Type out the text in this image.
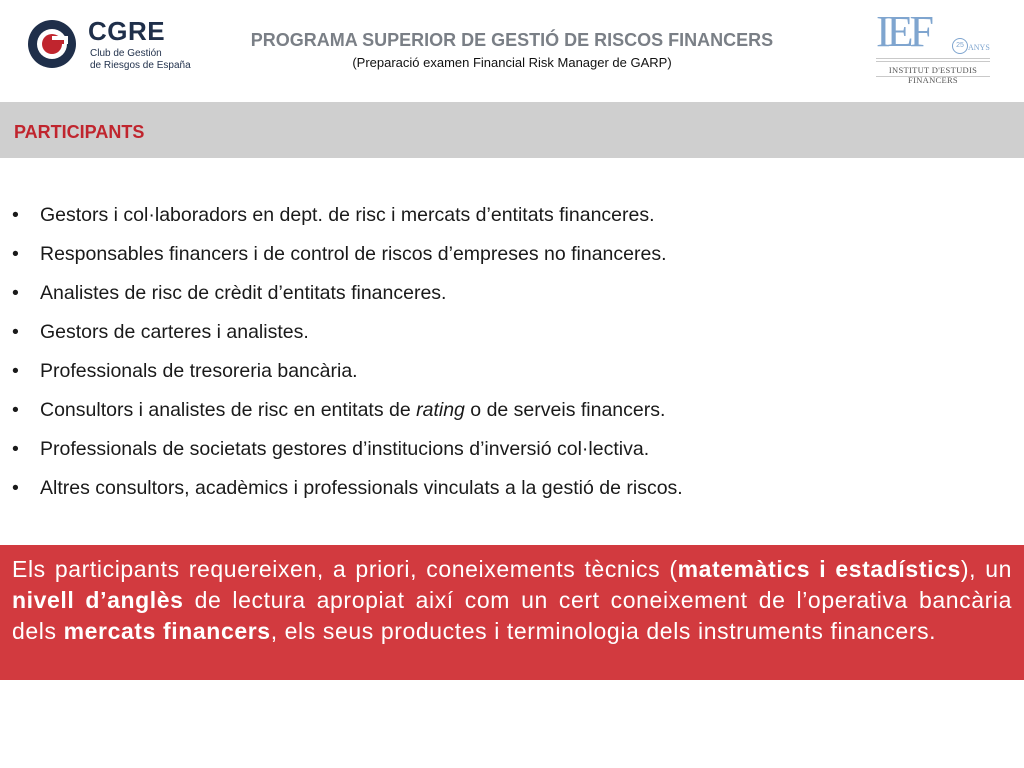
CGRE
Club de Gestión
de Riesgos de España
PROGRAMA SUPERIOR DE GESTIÓ DE RISCOS FINANCERS
(Preparació examen Financial Risk Manager de GARP)
IEF	25 ANYS
INSTITUT D'ESTUDIS FINANCERS
PARTICIPANTS
• Gestors i col·laboradors en dept. de risc i mercats d’entitats financeres.
• Responsables financers i de control de riscos d’empreses no financeres.
• Analistes de risc de crèdit d’entitats financeres.
• Gestors de carteres i analistes.
• Professionals de tresoreria bancària.
• Consultors i analistes de risc en entitats de rating o de serveis financers.
• Professionals de societats gestores d’institucions d’inversió col·lectiva.
• Altres consultors, acadèmics i professionals vinculats a la gestió de riscos.
Els participants requereixen, a priori, coneixements tècnics (matemàtics i estadístics), un nivell d’anglès de lectura apropiat així com un cert coneixement de l’operativa bancària dels mercats financers, els seus productes i terminologia dels instruments financers.
